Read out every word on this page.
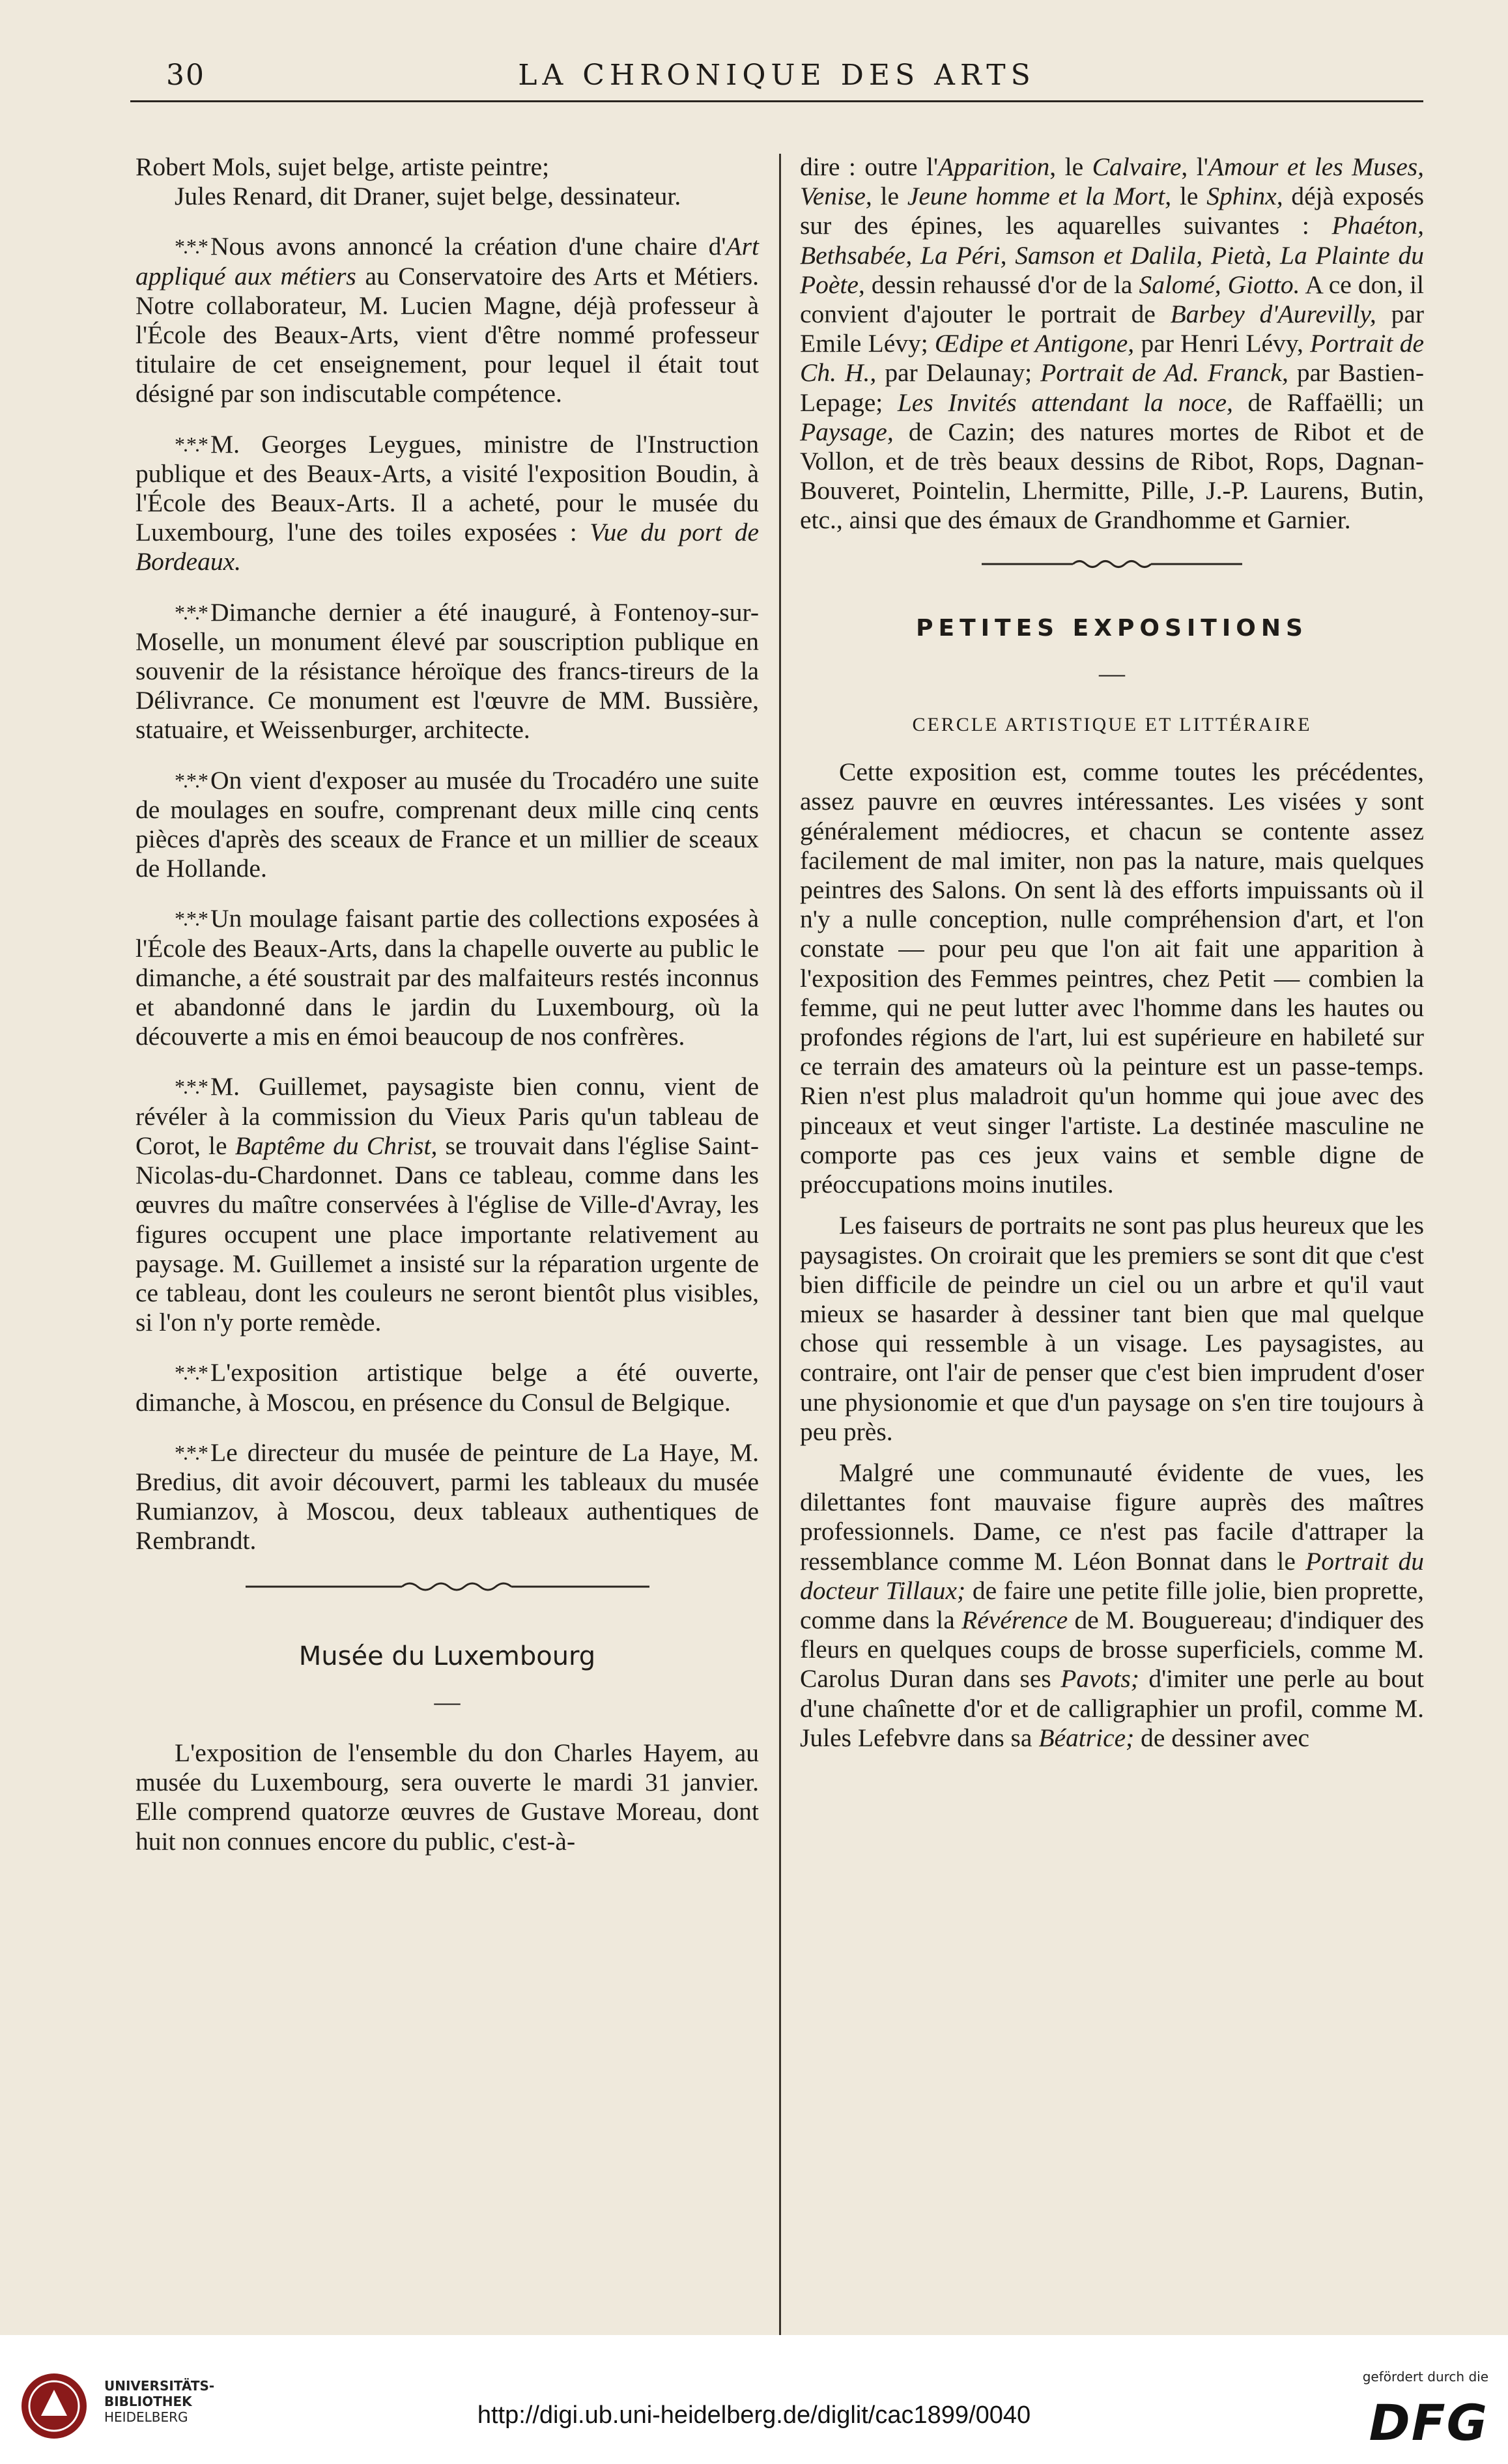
30	LA CHRONIQUE DES ARTS

Robert Mols, sujet belge, artiste peintre;

Jules Renard, dit Draner, sujet belge, dessinateur.

*.*.* Nous avons annoncé la création d'une chaire d'Art appliqué aux métiers au Conservatoire des Arts et Métiers. Notre collaborateur, M. Lucien Magne, déjà professeur à l'École des Beaux-Arts, vient d'être nommé professeur titulaire de cet enseignement, pour lequel il était tout désigné par son indiscutable compétence.

*.*.* M. Georges Leygues, ministre de l'Instruction publique et des Beaux-Arts, a visité l'exposition Boudin, à l'École des Beaux-Arts. Il a acheté, pour le musée du Luxembourg, l'une des toiles exposées : Vue du port de Bordeaux.

*.*.* Dimanche dernier a été inauguré, à Fontenoy-sur-Moselle, un monument élevé par souscription publique en souvenir de la résistance héroïque des francs-tireurs de la Délivrance. Ce monument est l'œuvre de MM. Bussière, statuaire, et Weissenburger, architecte.

*.*.* On vient d'exposer au musée du Trocadéro une suite de moulages en soufre, comprenant deux mille cinq cents pièces d'après des sceaux de France et un millier de sceaux de Hollande.

*.*.* Un moulage faisant partie des collections exposées à l'École des Beaux-Arts, dans la chapelle ouverte au public le dimanche, a été soustrait par des malfaiteurs restés inconnus et abandonné dans le jardin du Luxembourg, où la découverte a mis en émoi beaucoup de nos confrères.

*.*.* M. Guillemet, paysagiste bien connu, vient de révéler à la commission du Vieux Paris qu'un tableau de Corot, le Baptême du Christ, se trouvait dans l'église Saint-Nicolas-du-Chardonnet. Dans ce tableau, comme dans les œuvres du maître conservées à l'église de Ville-d'Avray, les figures occupent une place importante relativement au paysage. M. Guillemet a insisté sur la réparation urgente de ce tableau, dont les couleurs ne seront bientôt plus visibles, si l'on n'y porte remède.

*.*.* L'exposition artistique belge a été ouverte, dimanche, à Moscou, en présence du Consul de Belgique.

*.*.* Le directeur du musée de peinture de La Haye, M. Bredius, dit avoir découvert, parmi les tableaux du musée Rumianzov, à Moscou, deux tableaux authentiques de Rembrandt.

Musée du Luxembourg
—

L'exposition de l'ensemble du don Charles Hayem, au musée du Luxembourg, sera ouverte le mardi 31 janvier. Elle comprend quatorze œuvres de Gustave Moreau, dont huit non connues encore du public, c'est-à-

dire : outre l'Apparition, le Calvaire, l'Amour et les Muses, Venise, le Jeune homme et la Mort, le Sphinx, déjà exposés sur des épines, les aquarelles suivantes : Phaéton, Bethsabée, La Péri, Samson et Dalila, Pietà, La Plainte du Poète, dessin rehaussé d'or de la Salomé, Giotto. A ce don, il convient d'ajouter le portrait de Barbey d'Aurevilly, par Emile Lévy; Œdipe et Antigone, par Henri Lévy, Portrait de Ch. H., par Delaunay; Portrait de Ad. Franck, par Bastien-Lepage; Les Invités attendant la noce, de Raffaëlli; un Paysage, de Cazin; des natures mortes de Ribot et de Vollon, et de très beaux dessins de Ribot, Rops, Dagnan-Bouveret, Pointelin, Lhermitte, Pille, J.-P. Laurens, Butin, etc., ainsi que des émaux de Grandhomme et Garnier.

PETITES EXPOSITIONS
—
CERCLE ARTISTIQUE ET LITTÉRAIRE

Cette exposition est, comme toutes les précédentes, assez pauvre en œuvres intéressantes. Les visées y sont généralement médiocres, et chacun se contente assez facilement de mal imiter, non pas la nature, mais quelques peintres des Salons. On sent là des efforts impuissants où il n'y a nulle conception, nulle compréhension d'art, et l'on constate — pour peu que l'on ait fait une apparition à l'exposition des Femmes peintres, chez Petit — combien la femme, qui ne peut lutter avec l'homme dans les hautes ou profondes régions de l'art, lui est supérieure en habileté sur ce terrain des amateurs où la peinture est un passe-temps. Rien n'est plus maladroit qu'un homme qui joue avec des pinceaux et veut singer l'artiste. La destinée masculine ne comporte pas ces jeux vains et semble digne de préoccupations moins inutiles.

Les faiseurs de portraits ne sont pas plus heureux que les paysagistes. On croirait que les premiers se sont dit que c'est bien difficile de peindre un ciel ou un arbre et qu'il vaut mieux se hasarder à dessiner tant bien que mal quelque chose qui ressemble à un visage. Les paysagistes, au contraire, ont l'air de penser que c'est bien imprudent d'oser une physionomie et que d'un paysage on s'en tire toujours à peu près.

Malgré une communauté évidente de vues, les dilettantes font mauvaise figure auprès des maîtres professionnels. Dame, ce n'est pas facile d'attraper la ressemblance comme M. Léon Bonnat dans le Portrait du docteur Tillaux; de faire une petite fille jolie, bien proprette, comme dans la Révérence de M. Bouguereau; d'indiquer des fleurs en quelques coups de brosse superficiels, comme M. Carolus Duran dans ses Pavots; d'imiter une perle au bout d'une chaînette d'or et de calligraphier un profil, comme M. Jules Lefebvre dans sa Béatrice; de dessiner avec

UNIVERSITÄTS-
BIBLIOTHEK
HEIDELBERG	http://digi.ub.uni-heidelberg.de/diglit/cac1899/0040
gefördert durch die
DFG
